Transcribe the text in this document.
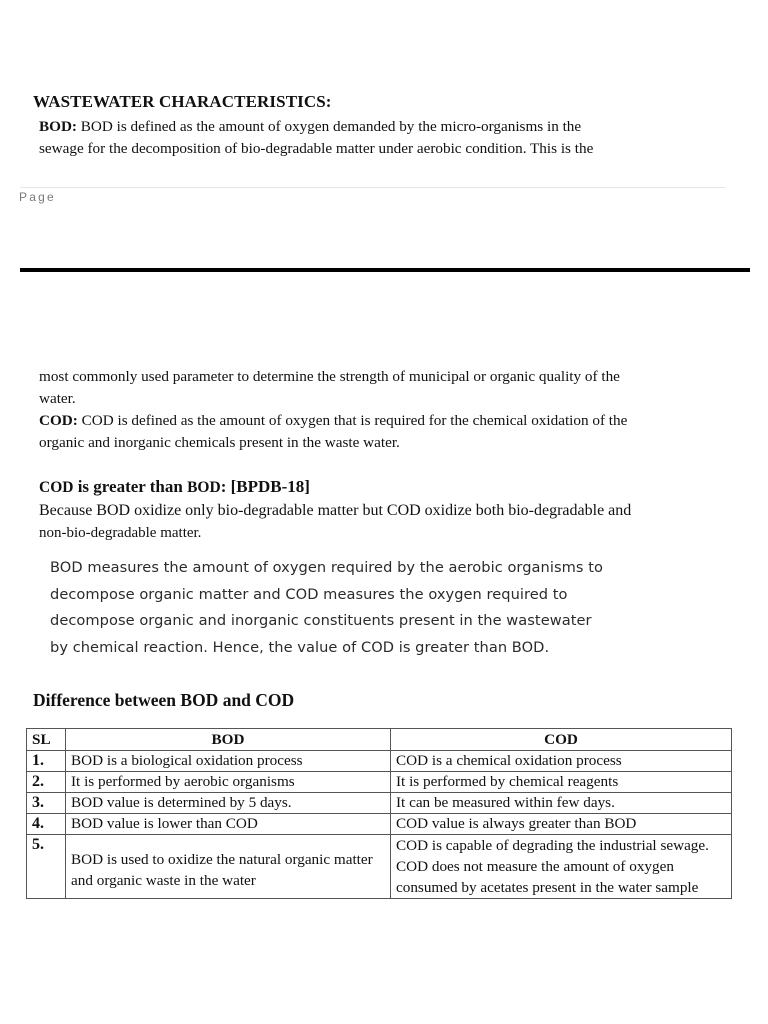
WASTEWATER CHARACTERISTICS:
BOD: BOD is defined as the amount of oxygen demanded by the micro-organisms in the
sewage for the decomposition of bio-degradable matter under aerobic condition. This is the
Page
most commonly used parameter to determine the strength of municipal or organic quality of the
water.
COD: COD is defined as the amount of oxygen that is required for the chemical oxidation of the
organic and inorganic chemicals present in the waste water.
COD is greater than BOD: [BPDB-18]
Because BOD oxidize only bio-degradable matter but COD oxidize both bio-degradable and
non-bio-degradable matter.
BOD measures the amount of oxygen required by the aerobic organisms to
decompose organic matter and COD measures the oxygen required to
decompose organic and inorganic constituents present in the wastewater
by chemical reaction. Hence, the value of COD is greater than BOD.
Difference between BOD and COD
SL	BOD	COD
1.	BOD is a biological oxidation process	COD is a chemical oxidation process
2.	It is performed by aerobic organisms	It is performed by chemical reagents
3.	BOD value is determined by 5 days.	It can be measured within few days.
4.	BOD value is lower than COD	COD value is always greater than BOD
5.	BOD is used to oxidize the natural organic matter and organic waste in the water	COD is capable of degrading the industrial sewage. COD does not measure the amount of oxygen consumed by acetates present in the water sample
